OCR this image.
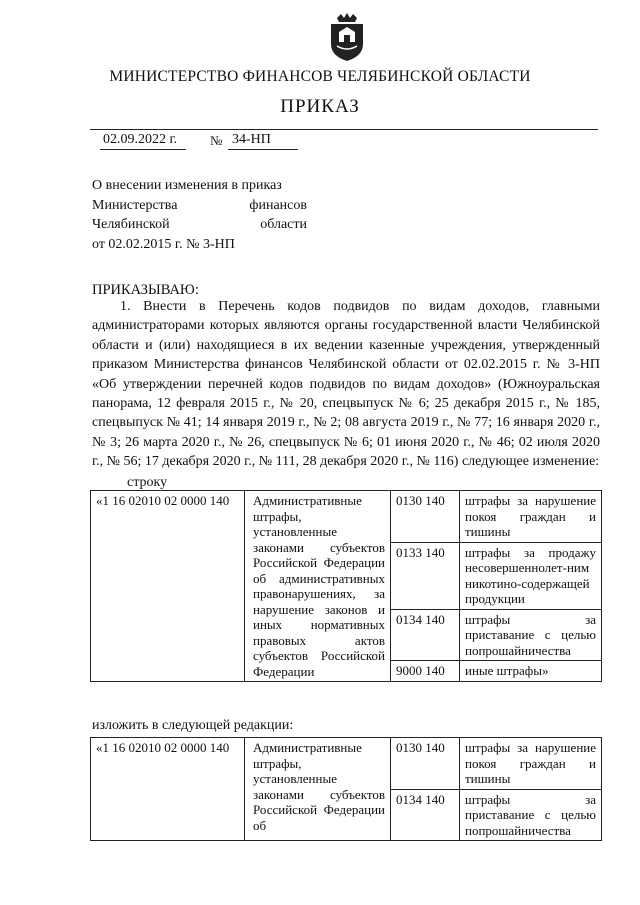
МИНИСТЕРСТВО ФИНАНСОВ ЧЕЛЯБИНСКОЙ ОБЛАСТИ
ПРИКАЗ
02.09.2022 г.	№ 34-НП
О внесении изменения в приказ
Министерства	финансов
Челябинской	области
от 02.02.2015 г. № 3-НП
ПРИКАЗЫВАЮ:

1. Внести в Перечень кодов подвидов по видам доходов, главными администраторами которых являются органы государственной власти Челябинской области и (или) находящиеся в их ведении казенные учреждения, утвержденный приказом Министерства финансов Челябинской области от 02.02.2015 г. № 3-НП «Об утверждении перечней кодов подвидов по видам доходов» (Южноуральская панорама, 12 февраля 2015 г., № 20, спецвыпуск № 6; 25 декабря 2015 г., № 185, спецвыпуск № 41; 14 января 2019 г., № 2; 08 августа 2019 г., № 77; 16 января 2020 г., № 3; 26 марта 2020 г., № 26, спецвыпуск № 6; 01 июня 2020 г., № 46; 02 июля 2020 г., № 56; 17 декабря 2020 г., № 111, 28 декабря 2020 г., № 116) следующее изменение:

строку
«1 16 02010 02 0000 140	Административные штрафы, установленные законами субъектов Российской Федерации об административных правонарушениях, за нарушение законов и иных нормативных правовых актов субъектов Российской Федерации	0130 140	штрафы за нарушение покоя граждан и тишины

		0133 140	штрафы за продажу несовершеннолет-ним никотино-содержащей продукции

		0134 140	штрафы за приставание с целью попрошайничества

		9000 140	иные штрафы»
изложить в следующей редакции:
«1 16 02010 02 0000 140	Административные штрафы, установленные законами субъектов Российской Федерации об	0130 140	штрафы за нарушение покоя граждан и тишины

		0134 140	штрафы за приставание с целью попрошайничества
